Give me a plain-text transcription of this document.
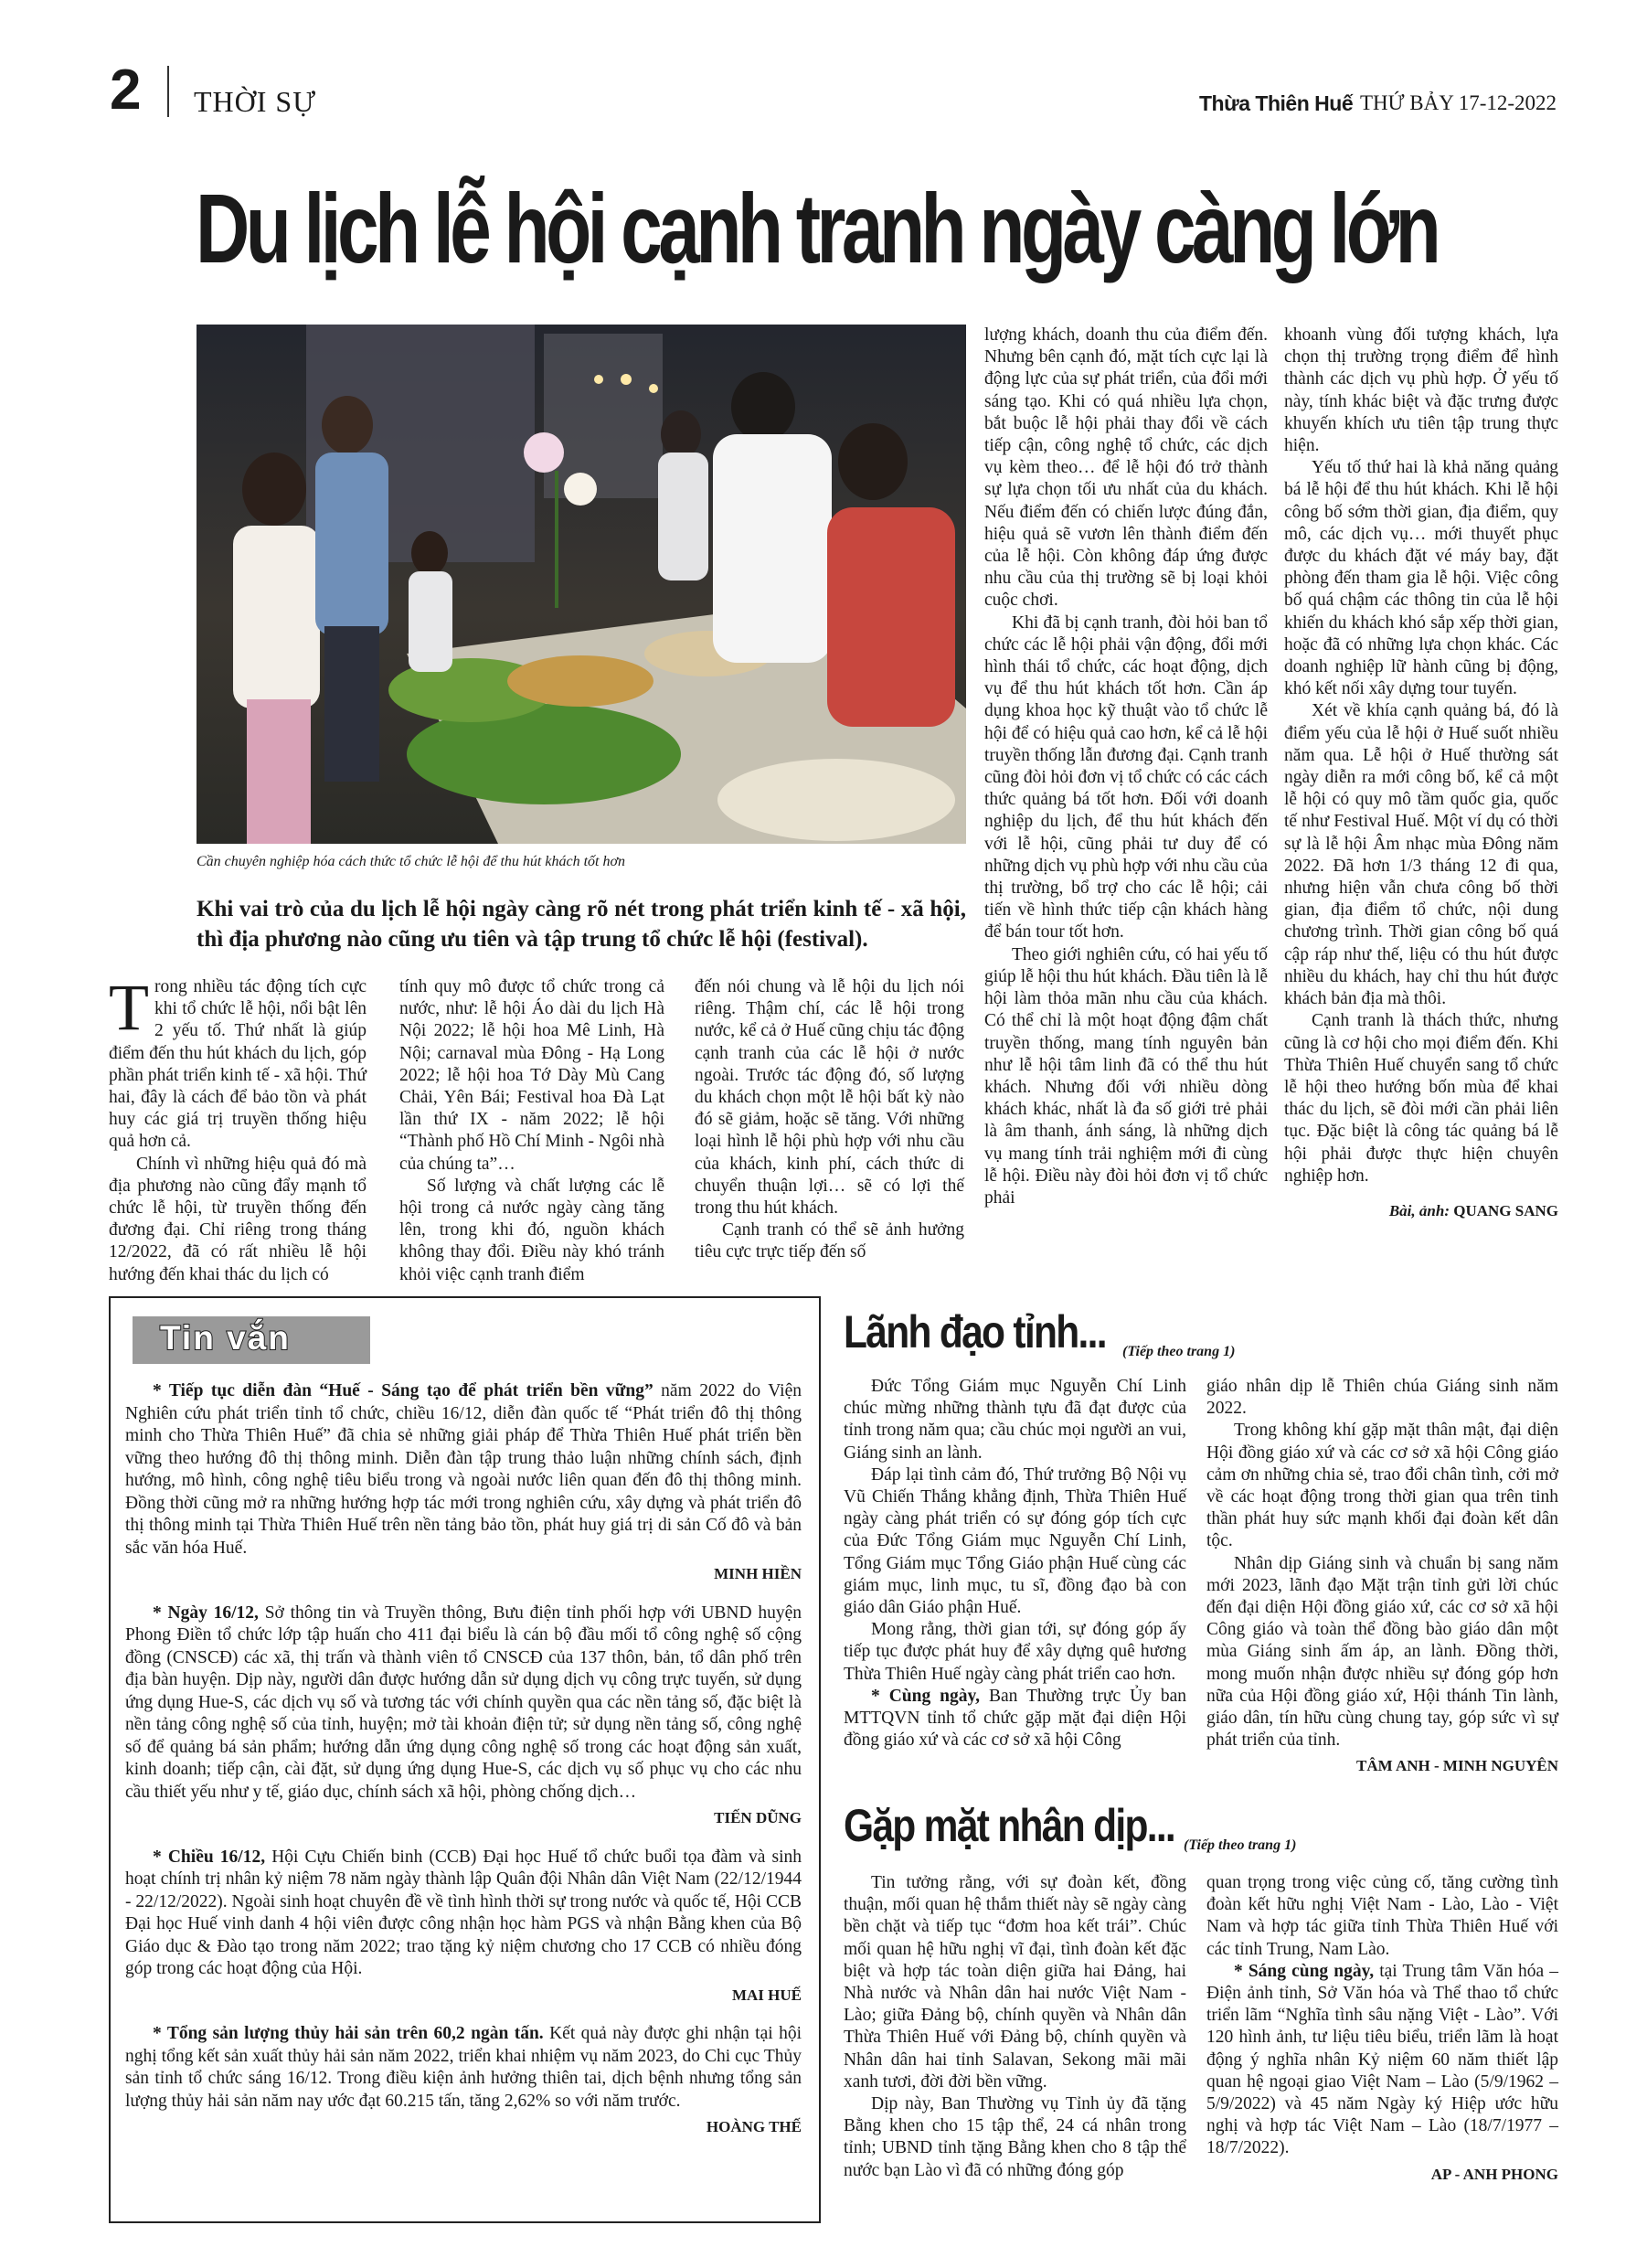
2 THỜI SỰ	Thừa Thiên Huế THỨ BẢY 17-12-2022
Du lịch lễ hội cạnh tranh ngày càng lớn
Cần chuyên nghiệp hóa cách thức tổ chức lễ hội để thu hút khách tốt hơn
Khi vai trò của du lịch lễ hội ngày càng rõ nét trong phát triển kinh tế - xã hội, thì địa phương nào cũng ưu tiên và tập trung tổ chức lễ hội (festival).

Trong nhiều tác động tích cực khi tổ chức lễ hội, nổi bật lên 2 yếu tố. Thứ nhất là giúp điểm đến thu hút khách du lịch, góp phần phát triển kinh tế - xã hội. Thứ hai, đây là cách để bảo tồn và phát huy các giá trị truyền thống hiệu quả hơn cả.

Chính vì những hiệu quả đó mà địa phương nào cũng đẩy mạnh tổ chức lễ hội, từ truyền thống đến đương đại. Chỉ riêng trong tháng 12/2022, đã có rất nhiều lễ hội hướng đến khai thác du lịch có

tính quy mô được tổ chức trong cả nước, như: lễ hội Áo dài du lịch Hà Nội 2022; lễ hội hoa Mê Linh, Hà Nội; carnaval mùa Đông - Hạ Long 2022; lễ hội hoa Tớ Dày Mù Cang Chải, Yên Bái; Festival hoa Đà Lạt lần thứ IX - năm 2022; lễ hội “Thành phố Hồ Chí Minh - Ngôi nhà của chúng ta”…

Số lượng và chất lượng các lễ hội trong cả nước ngày càng tăng lên, trong khi đó, nguồn khách không thay đổi. Điều này khó tránh khỏi việc cạnh tranh điểm

đến nói chung và lễ hội du lịch nói riêng. Thậm chí, các lễ hội trong nước, kể cả ở Huế cũng chịu tác động cạnh tranh của các lễ hội ở nước ngoài. Trước tác động đó, số lượng du khách chọn một lễ hội bất kỳ nào đó sẽ giảm, hoặc sẽ tăng. Với những loại hình lễ hội phù hợp với nhu cầu của khách, kinh phí, cách thức di chuyển thuận lợi… sẽ có lợi thế trong thu hút khách.

Cạnh tranh có thể sẽ ảnh hưởng tiêu cực trực tiếp đến số

lượng khách, doanh thu của điểm đến. Nhưng bên cạnh đó, mặt tích cực lại là động lực của sự phát triển, của đổi mới sáng tạo. Khi có quá nhiều lựa chọn, bắt buộc lễ hội phải thay đổi về cách tiếp cận, công nghệ tổ chức, các dịch vụ kèm theo… để lễ hội đó trở thành sự lựa chọn tối ưu nhất của du khách. Nếu điểm đến có chiến lược đúng đắn, hiệu quả sẽ vươn lên thành điểm đến của lễ hội. Còn không đáp ứng được nhu cầu của thị trường sẽ bị loại khỏi cuộc chơi.

Khi đã bị cạnh tranh, đòi hỏi ban tổ chức các lễ hội phải vận động, đổi mới hình thái tổ chức, các hoạt động, dịch vụ để thu hút khách tốt hơn. Cần áp dụng khoa học kỹ thuật vào tổ chức lễ hội để có hiệu quả cao hơn, kể cả lễ hội truyền thống lẫn đương đại. Cạnh tranh cũng đòi hỏi đơn vị tổ chức có các cách thức quảng bá tốt hơn. Đối với doanh nghiệp du lịch, để thu hút khách đến với lễ hội, cũng phải tư duy để có những dịch vụ phù hợp với nhu cầu của thị trường, bổ trợ cho các lễ hội; cải tiến về hình thức tiếp cận khách hàng để bán tour tốt hơn.

Theo giới nghiên cứu, có hai yếu tố giúp lễ hội thu hút khách. Đầu tiên là lễ hội làm thỏa mãn nhu cầu của khách. Có thể chỉ là một hoạt động đậm chất truyền thống, mang tính nguyên bản như lễ hội tâm linh đã có thể thu hút khách. Nhưng đối với nhiều dòng khách khác, nhất là đa số giới trẻ phải là âm thanh, ánh sáng, là những dịch vụ mang tính trải nghiệm mới đi cùng lễ hội. Điều này đòi hỏi đơn vị tổ chức phải

khoanh vùng đối tượng khách, lựa chọn thị trường trọng điểm để hình thành các dịch vụ phù hợp. Ở yếu tố này, tính khác biệt và đặc trưng được khuyến khích ưu tiên tập trung thực hiện.

Yếu tố thứ hai là khả năng quảng bá lễ hội để thu hút khách. Khi lễ hội công bố sớm thời gian, địa điểm, quy mô, các dịch vụ… mới thuyết phục được du khách đặt vé máy bay, đặt phòng đến tham gia lễ hội. Việc công bố quá chậm các thông tin của lễ hội khiến du khách khó sắp xếp thời gian, hoặc đã có những lựa chọn khác. Các doanh nghiệp lữ hành cũng bị động, khó kết nối xây dựng tour tuyến.

Xét về khía cạnh quảng bá, đó là điểm yếu của lễ hội ở Huế suốt nhiều năm qua. Lễ hội ở Huế thường sát ngày diễn ra mới công bố, kể cả một lễ hội có quy mô tầm quốc gia, quốc tế như Festival Huế. Một ví dụ có thời sự là lễ hội Âm nhạc mùa Đông năm 2022. Đã hơn 1/3 tháng 12 đi qua, nhưng hiện vẫn chưa công bố thời gian, địa điểm tổ chức, nội dung chương trình. Thời gian công bố quá cập ráp như thế, liệu có thu hút được nhiều du khách, hay chỉ thu hút được khách bản địa mà thôi.

Cạnh tranh là thách thức, nhưng cũng là cơ hội cho mọi điểm đến. Khi Thừa Thiên Huế chuyển sang tổ chức lễ hội theo hướng bốn mùa để khai thác du lịch, sẽ đòi mới cần phải liên tục. Đặc biệt là công tác quảng bá lễ hội phải được thực hiện chuyên nghiệp hơn.

Bài, ảnh: QUANG SANG
Tin vắn

* Tiếp tục diễn đàn “Huế - Sáng tạo để phát triển bền vững” năm 2022 do Viện Nghiên cứu phát triển tỉnh tổ chức, chiều 16/12, diễn đàn quốc tế “Phát triển đô thị thông minh cho Thừa Thiên Huế” đã chia sẻ những giải pháp để Thừa Thiên Huế phát triển bền vững theo hướng đô thị thông minh. Diễn đàn tập trung thảo luận những chính sách, định hướng, mô hình, công nghệ tiêu biểu trong và ngoài nước liên quan đến đô thị thông minh. Đồng thời cũng mở ra những hướng hợp tác mới trong nghiên cứu, xây dựng và phát triển đô thị thông minh tại Thừa Thiên Huế trên nền tảng bảo tồn, phát huy giá trị di sản Cố đô và bản sắc văn hóa Huế.

MINH HIỀN

* Ngày 16/12, Sở thông tin và Truyền thông, Bưu điện tỉnh phối hợp với UBND huyện Phong Điền tổ chức lớp tập huấn cho 411 đại biểu là cán bộ đầu mối tổ công nghệ số cộng đồng (CNSCĐ) các xã, thị trấn và thành viên tổ CNSCĐ của 137 thôn, bản, tổ dân phố trên địa bàn huyện. Dịp này, người dân được hướng dẫn sử dụng dịch vụ công trực tuyến, sử dụng ứng dụng Hue-S, các dịch vụ số và tương tác với chính quyền qua các nền tảng số, đặc biệt là nền tảng công nghệ số của tỉnh, huyện; mở tài khoản điện tử; sử dụng nền tảng số, công nghệ số để quảng bá sản phẩm; hướng dẫn ứng dụng công nghệ số trong các hoạt động sản xuất, kinh doanh; tiếp cận, cài đặt, sử dụng ứng dụng Hue-S, các dịch vụ số phục vụ cho các nhu cầu thiết yếu như y tế, giáo dục, chính sách xã hội, phòng chống dịch…

TIẾN DŨNG

* Chiều 16/12, Hội Cựu Chiến binh (CCB) Đại học Huế tổ chức buổi tọa đàm và sinh hoạt chính trị nhân kỷ niệm 78 năm ngày thành lập Quân đội Nhân dân Việt Nam (22/12/1944 - 22/12/2022). Ngoài sinh hoạt chuyên đề về tình hình thời sự trong nước và quốc tế, Hội CCB Đại học Huế vinh danh 4 hội viên được công nhận học hàm PGS và nhận Bằng khen của Bộ Giáo dục & Đào tạo trong năm 2022; trao tặng kỷ niệm chương cho 17 CCB có nhiều đóng góp trong các hoạt động của Hội.

MAI HUẾ

* Tổng sản lượng thủy hải sản trên 60,2 ngàn tấn. Kết quả này được ghi nhận tại hội nghị tổng kết sản xuất thủy hải sản năm 2022, triển khai nhiệm vụ năm 2023, do Chi cục Thủy sản tỉnh tổ chức sáng 16/12. Trong điều kiện ảnh hưởng thiên tai, dịch bệnh nhưng tổng sản lượng thủy hải sản năm nay ước đạt 60.215 tấn, tăng 2,62% so với năm trước.

HOÀNG THẾ
Lãnh đạo tỉnh...	(Tiếp theo trang 1)

Đức Tổng Giám mục Nguyễn Chí Linh chúc mừng những thành tựu đã đạt được của tỉnh trong năm qua; cầu chúc mọi người an vui, Giáng sinh an lành.

Đáp lại tình cảm đó, Thứ trưởng Bộ Nội vụ Vũ Chiến Thắng khẳng định, Thừa Thiên Huế ngày càng phát triển có sự đóng góp tích cực của Đức Tổng Giám mục Nguyễn Chí Linh, Tổng Giám mục Tổng Giáo phận Huế cùng các giám mục, linh mục, tu sĩ, đồng đạo bà con giáo dân Giáo phận Huế.

Mong rằng, thời gian tới, sự đóng góp ấy tiếp tục được phát huy để xây dựng quê hương Thừa Thiên Huế ngày càng phát triển cao hơn.

* Cùng ngày, Ban Thường trực Ủy ban MTTQVN tỉnh tổ chức gặp mặt đại diện Hội đồng giáo xứ và các cơ sở xã hội Công

giáo nhân dịp lễ Thiên chúa Giáng sinh năm 2022.

Trong không khí gặp mặt thân mật, đại diện Hội đồng giáo xứ và các cơ sở xã hội Công giáo cảm ơn những chia sẻ, trao đổi chân tình, cởi mở về các hoạt động trong thời gian qua trên tinh thần phát huy sức mạnh khối đại đoàn kết dân tộc.

Nhân dịp Giáng sinh và chuẩn bị sang năm mới 2023, lãnh đạo Mặt trận tỉnh gửi lời chúc đến đại diện Hội đồng giáo xứ, các cơ sở xã hội Công giáo và toàn thể đồng bào giáo dân một mùa Giáng sinh ấm áp, an lành. Đồng thời, mong muốn nhận được nhiều sự đóng góp hơn nữa của Hội đồng giáo xứ, Hội thánh Tin lành, giáo dân, tín hữu cùng chung tay, góp sức vì sự phát triển của tỉnh.

TÂM ANH - MINH NGUYÊN
Gặp mặt nhân dịp... (Tiếp theo trang 1)

Tin tưởng rằng, với sự đoàn kết, đồng thuận, mối quan hệ thắm thiết này sẽ ngày càng bền chặt và tiếp tục “đơm hoa kết trái”. Chúc mối quan hệ hữu nghị vĩ đại, tình đoàn kết đặc biệt và hợp tác toàn diện giữa hai Đảng, hai Nhà nước và Nhân dân hai nước Việt Nam - Lào; giữa Đảng bộ, chính quyền và Nhân dân Thừa Thiên Huế với Đảng bộ, chính quyền và Nhân dân hai tỉnh Salavan, Sekong mãi mãi xanh tươi, đời đời bền vững.

Dịp này, Ban Thường vụ Tỉnh ủy đã tặng Bằng khen cho 15 tập thể, 24 cá nhân trong tỉnh; UBND tỉnh tặng Bằng khen cho 8 tập thể nước bạn Lào vì đã có những đóng góp

quan trọng trong việc củng cố, tăng cường tình đoàn kết hữu nghị Việt Nam - Lào, Lào - Việt Nam và hợp tác giữa tỉnh Thừa Thiên Huế với các tỉnh Trung, Nam Lào.

* Sáng cùng ngày, tại Trung tâm Văn hóa – Điện ảnh tỉnh, Sở Văn hóa và Thể thao tổ chức triển lãm “Nghĩa tình sâu nặng Việt - Lào”. Với 120 hình ảnh, tư liệu tiêu biểu, triển lãm là hoạt động ý nghĩa nhân Kỷ niệm 60 năm thiết lập quan hệ ngoại giao Việt Nam – Lào (5/9/1962 – 5/9/2022) và 45 năm Ngày ký Hiệp ước hữu nghị và hợp tác Việt Nam – Lào (18/7/1977 – 18/7/2022).

AP - ANH PHONG
